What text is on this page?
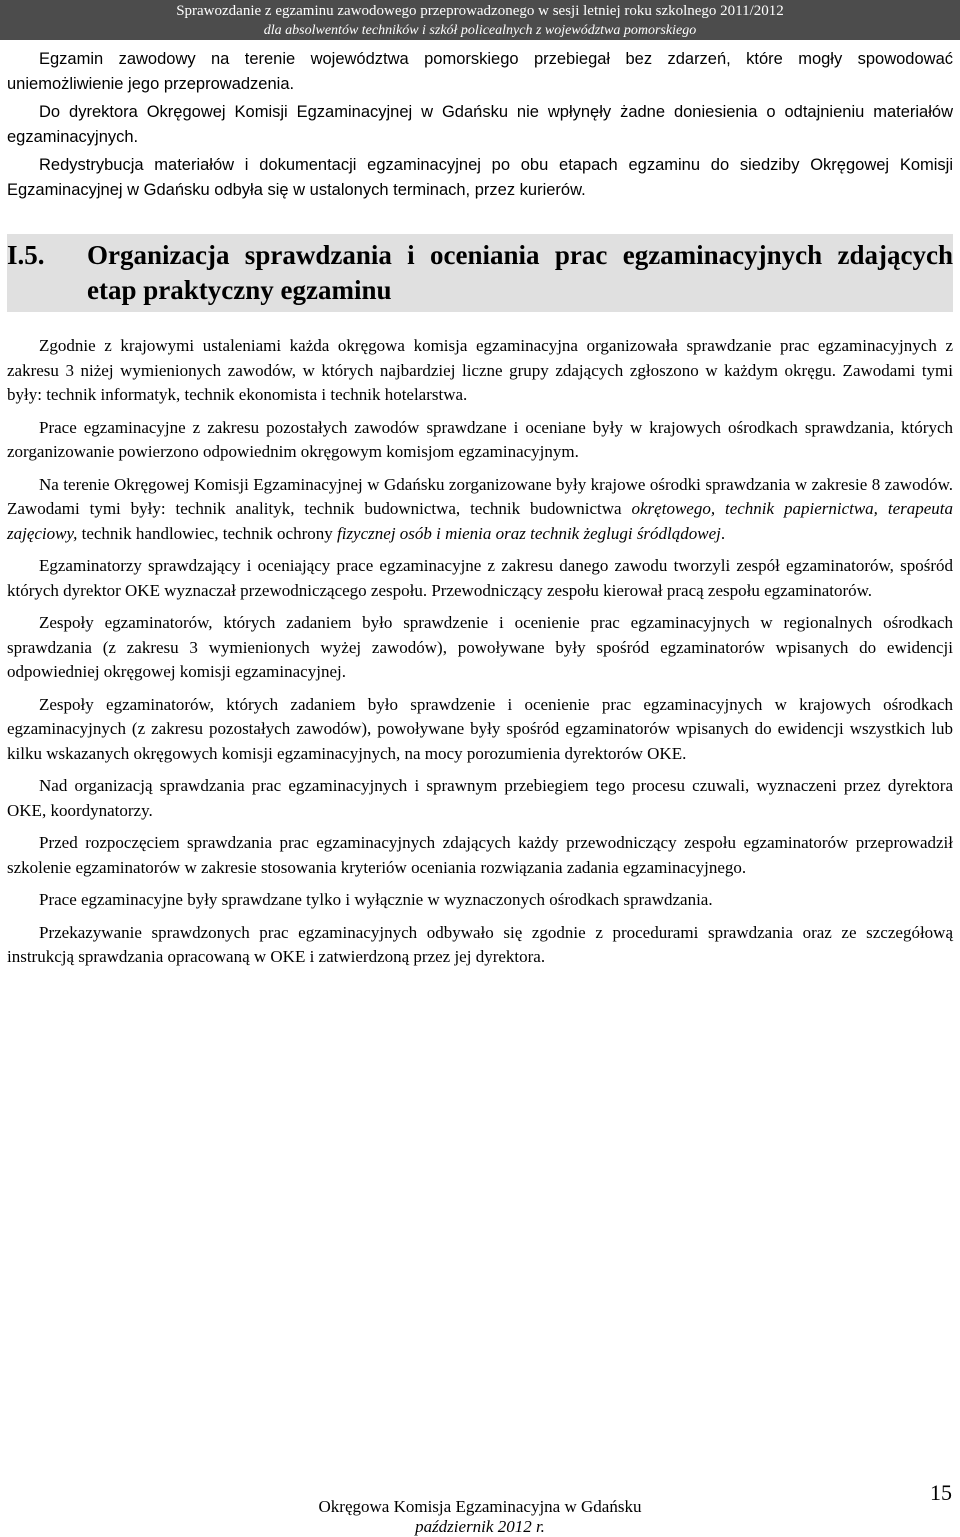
Sprawozdanie z egzaminu zawodowego przeprowadzonego w sesji letniej roku szkolnego 2011/2012
dla absolwentów techników i szkół policealnych z województwa pomorskiego

Egzamin zawodowy na terenie województwa pomorskiego przebiegał bez zdarzeń, które mogły spowodować uniemożliwienie jego przeprowadzenia.

Do dyrektora Okręgowej Komisji Egzaminacyjnej w Gdańsku nie wpłynęły żadne doniesienia o odtajnieniu materiałów egzaminacyjnych.

Redystrybucja materiałów i dokumentacji egzaminacyjnej po obu etapach egzaminu do siedziby Okręgowej Komisji Egzaminacyjnej w Gdańsku odbyła się w ustalonych terminach, przez kurierów.

I.5.	Organizacja sprawdzania i oceniania prac egzaminacyjnych zdających etap praktyczny egzaminu

Zgodnie z krajowymi ustaleniami każda okręgowa komisja egzaminacyjna organizowała sprawdzanie prac egzaminacyjnych z zakresu 3 niżej wymienionych zawodów, w których najbardziej liczne grupy zdających zgłoszono w każdym okręgu. Zawodami tymi były: technik informatyk, technik ekonomista i technik hotelarstwa.

Prace egzaminacyjne z zakresu pozostałych zawodów sprawdzane i oceniane były w krajowych ośrodkach sprawdzania, których zorganizowanie powierzono odpowiednim okręgowym komisjom egzaminacyjnym.

Na terenie Okręgowej Komisji Egzaminacyjnej w Gdańsku zorganizowane były krajowe ośrodki sprawdzania w zakresie 8 zawodów. Zawodami tymi były: technik analityk, technik budownictwa, technik budownictwa okrętowego, technik papiernictwa, terapeuta zajęciowy, technik handlowiec, technik ochrony fizycznej osób i mienia oraz technik żeglugi śródlądowej.

Egzaminatorzy sprawdzający i oceniający prace egzaminacyjne z zakresu danego zawodu tworzyli zespół egzaminatorów, spośród których dyrektor OKE wyznaczał przewodniczącego zespołu. Przewodniczący zespołu kierował pracą zespołu egzaminatorów.

Zespoły egzaminatorów, których zadaniem było sprawdzenie i ocenienie prac egzaminacyjnych w regionalnych ośrodkach sprawdzania (z zakresu 3 wymienionych wyżej zawodów), powoływane były spośród egzaminatorów wpisanych do ewidencji odpowiedniej okręgowej komisji egzaminacyjnej.

Zespoły egzaminatorów, których zadaniem było sprawdzenie i ocenienie prac egzaminacyjnych w krajowych ośrodkach egzaminacyjnych (z zakresu pozostałych zawodów), powoływane były spośród egzaminatorów wpisanych do ewidencji wszystkich lub kilku wskazanych okręgowych komisji egzaminacyjnych, na mocy porozumienia dyrektorów OKE.

Nad organizacją sprawdzania prac egzaminacyjnych i sprawnym przebiegiem tego procesu czuwali, wyznaczeni przez dyrektora OKE, koordynatorzy.

Przed rozpoczęciem sprawdzania prac egzaminacyjnych zdających każdy przewodniczący zespołu egzaminatorów przeprowadził szkolenie egzaminatorów w zakresie stosowania kryteriów oceniania rozwiązania zadania egzaminacyjnego.

Prace egzaminacyjne były sprawdzane tylko i wyłącznie w wyznaczonych ośrodkach sprawdzania.

Przekazywanie sprawdzonych prac egzaminacyjnych odbywało się zgodnie z procedurami sprawdzania oraz ze szczegółową instrukcją sprawdzania opracowaną w OKE i zatwierdzoną przez jej dyrektora.

Okręgowa Komisja Egzaminacyjna w Gdańsku
październik 2012 r.
15
